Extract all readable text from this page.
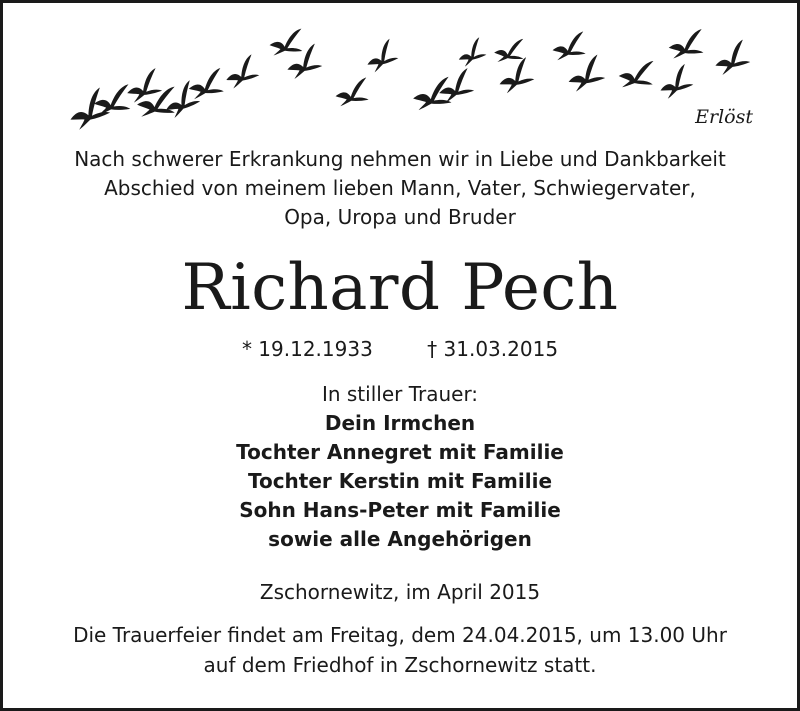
Erlöst

Nach schwerer Erkrankung nehmen wir in Liebe und Dankbarkeit
Abschied von meinem lieben Mann, Vater, Schwiegervater,
Opa, Uropa und Bruder

Richard Pech
* 19.12.1933	† 31.03.2015
In stiller Trauer:
Dein Irmchen
Tochter Annegret mit Familie
Tochter Kerstin mit Familie
Sohn Hans-Peter mit Familie
sowie alle Angehörigen

Zschornewitz, im April 2015

Die Trauerfeier findet am Freitag, dem 24.04.2015, um 13.00 Uhr
auf dem Friedhof in Zschornewitz statt.
